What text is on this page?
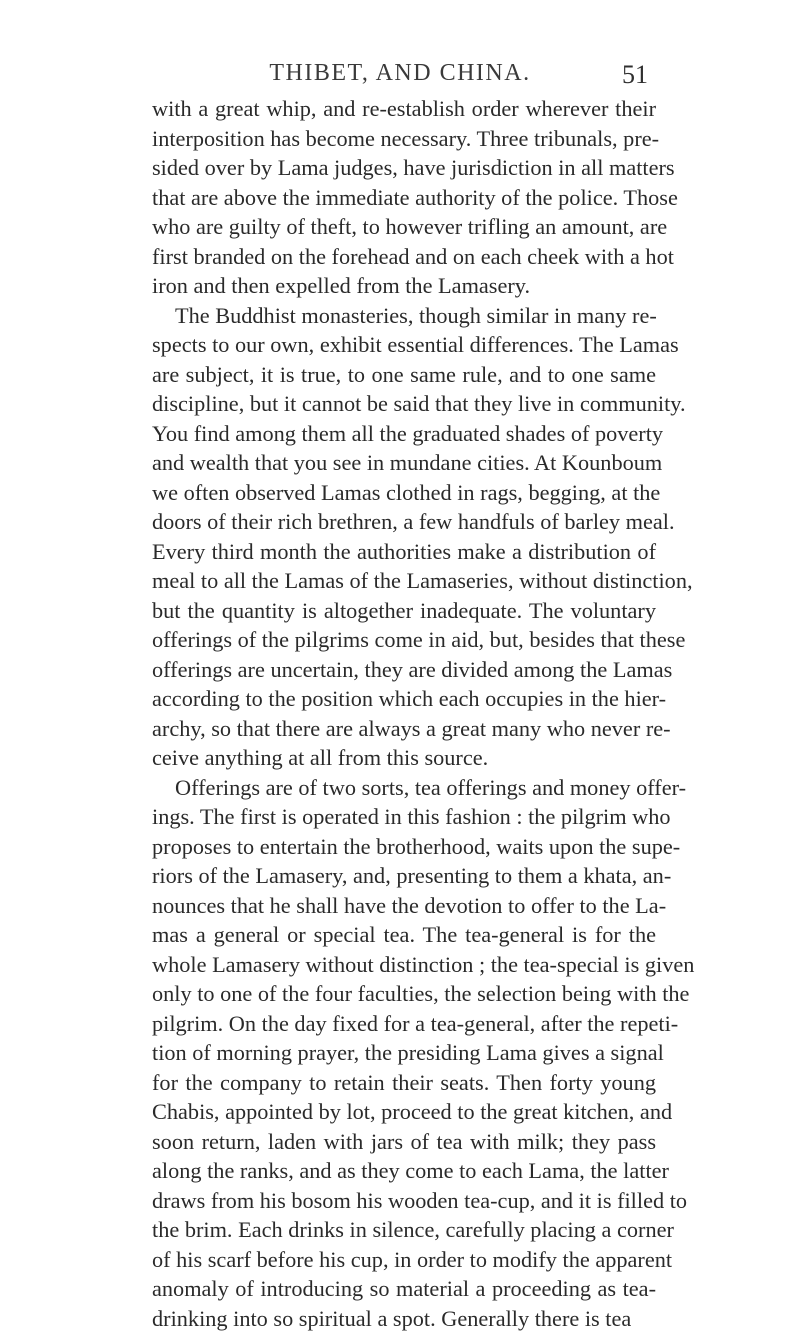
THIBET, AND CHINA.	51
with a great whip, and re-establish order wherever their
interposition has become necessary. Three tribunals, pre-
sided over by Lama judges, have jurisdiction in all matters
that are above the immediate authority of the police. Those
who are guilty of theft, to however trifling an amount, are
first branded on the forehead and on each cheek with a hot
iron and then expelled from the Lamasery.
The Buddhist monasteries, though similar in many re-
spects to our own, exhibit essential differences. The Lamas
are subject, it is true, to one same rule, and to one same
discipline, but it cannot be said that they live in community.
You find among them all the graduated shades of poverty
and wealth that you see in mundane cities. At Kounboum
we often observed Lamas clothed in rags, begging, at the
doors of their rich brethren, a few handfuls of barley meal.
Every third month the authorities make a distribution of
meal to all the Lamas of the Lamaseries, without distinction,
but the quantity is altogether inadequate. The voluntary
offerings of the pilgrims come in aid, but, besides that these
offerings are uncertain, they are divided among the Lamas
according to the position which each occupies in the hier-
archy, so that there are always a great many who never re-
ceive anything at all from this source.
Offerings are of two sorts, tea offerings and money offer-
ings. The first is operated in this fashion : the pilgrim who
proposes to entertain the brotherhood, waits upon the supe-
riors of the Lamasery, and, presenting to them a khata, an-
nounces that he shall have the devotion to offer to the La-
mas a general or special tea. The tea-general is for the
whole Lamasery without distinction ; the tea-special is given
only to one of the four faculties, the selection being with the
pilgrim. On the day fixed for a tea-general, after the repeti-
tion of morning prayer, the presiding Lama gives a signal
for the company to retain their seats. Then forty young
Chabis, appointed by lot, proceed to the great kitchen, and
soon return, laden with jars of tea with milk; they pass
along the ranks, and as they come to each Lama, the latter
draws from his bosom his wooden tea-cup, and it is filled to
the brim. Each drinks in silence, carefully placing a corner
of his scarf before his cup, in order to modify the apparent
anomaly of introducing so material a proceeding as tea-
drinking into so spiritual a spot. Generally there is tea
